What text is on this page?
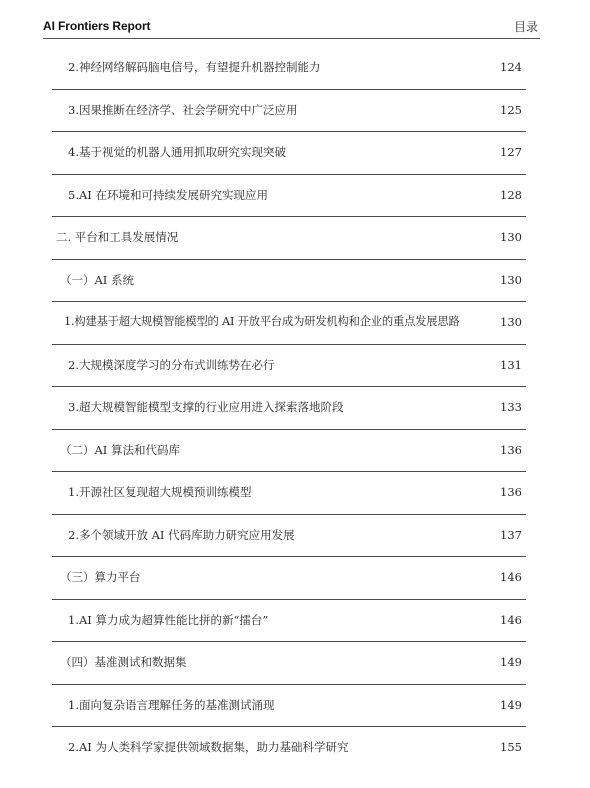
AI Frontiers Report	目录
2.神经网络解码脑电信号，有望提升机器控制能力	124
3.因果推断在经济学、社会学研究中广泛应用	125
4.基于视觉的机器人通用抓取研究实现突破	127
5.AI 在环境和可持续发展研究实现应用	128
二. 平台和工具发展情况	130
（一）AI 系统	130
1.构建基于超大规模智能模型的 AI 开放平台成为研发机构和企业的重点发展思路	130
2.大规模深度学习的分布式训练势在必行	131
3.超大规模智能模型支撑的行业应用进入探索落地阶段	133
（二）AI 算法和代码库	136
1.开源社区复现超大规模预训练模型	136
2.多个领域开放 AI 代码库助力研究应用发展	137
（三）算力平台	146
1.AI 算力成为超算性能比拼的新“擂台”	146
（四）基准测试和数据集	149
1.面向复杂语言理解任务的基准测试涌现	149
2.AI 为人类科学家提供领域数据集，助力基础科学研究	155
